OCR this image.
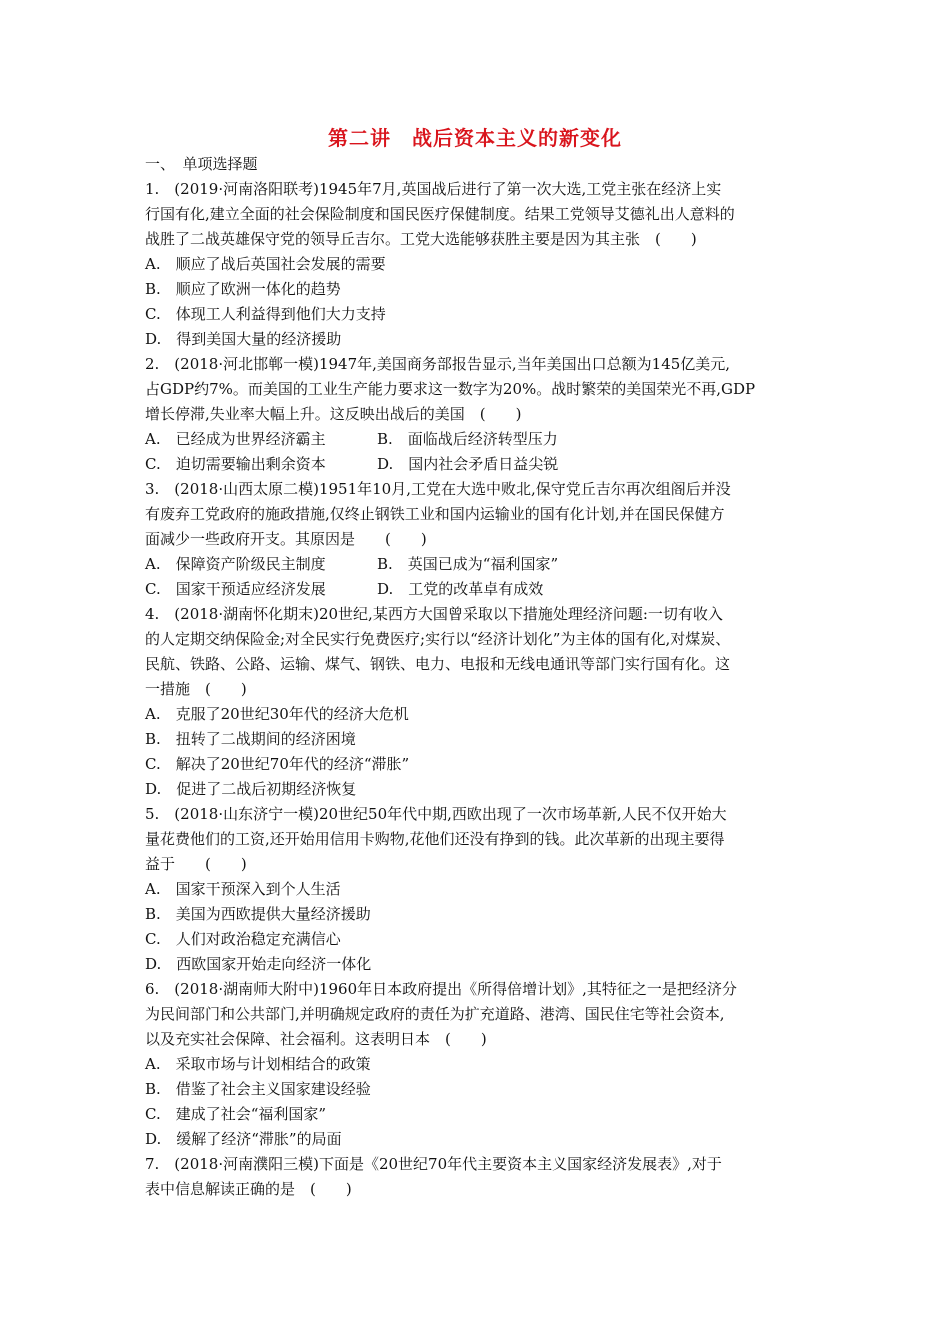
第二讲　战后资本主义的新变化
一、　单项选择题
1.　(2019·河南洛阳联考)1945年7月,英国战后进行了第一次大选,工党主张在经济上实
行国有化,建立全面的社会保险制度和国民医疗保健制度。结果工党领导艾德礼出人意料的
战胜了二战英雄保守党的领导丘吉尔。工党大选能够获胜主要是因为其主张　(　　)
A.　顺应了战后英国社会发展的需要
B.　顺应了欧洲一体化的趋势
C.　体现工人利益得到他们大力支持
D.　得到美国大量的经济援助
2.　(2018·河北邯郸一模)1947年,美国商务部报告显示,当年美国出口总额为145亿美元,
占GDP约7%。而美国的工业生产能力要求这一数字为20%。战时繁荣的美国荣光不再,GDP
增长停滞,失业率大幅上升。这反映出战后的美国　(　　)
A.　已经成为世界经济霸主	B.　面临战后经济转型压力
C.　迫切需要输出剩余资本	D.　国内社会矛盾日益尖锐
3.　(2018·山西太原二模)1951年10月,工党在大选中败北,保守党丘吉尔再次组阁后并没
有废弃工党政府的施政措施,仅终止钢铁工业和国内运输业的国有化计划,并在国民保健方
面减少一些政府开支。其原因是　　(　　)
A.　保障资产阶级民主制度	B.　英国已成为“福利国家”
C.　国家干预适应经济发展	D.　工党的改革卓有成效
4.　(2018·湖南怀化期末)20世纪,某西方大国曾采取以下措施处理经济问题:一切有收入
的人定期交纳保险金;对全民实行免费医疗;实行以“经济计划化”为主体的国有化,对煤炭、
民航、铁路、公路、运输、煤气、钢铁、电力、电报和无线电通讯等部门实行国有化。这
一措施　(　　)
A.　克服了20世纪30年代的经济大危机
B.　扭转了二战期间的经济困境
C.　解决了20世纪70年代的经济“滞胀”
D.　促进了二战后初期经济恢复
5.　(2018·山东济宁一模)20世纪50年代中期,西欧出现了一次市场革新,人民不仅开始大
量花费他们的工资,还开始用信用卡购物,花他们还没有挣到的钱。此次革新的出现主要得
益于　　(　　)
A.　国家干预深入到个人生活
B.　美国为西欧提供大量经济援助
C.　人们对政治稳定充满信心
D.　西欧国家开始走向经济一体化
6.　(2018·湖南师大附中)1960年日本政府提出《所得倍增计划》,其特征之一是把经济分
为民间部门和公共部门,并明确规定政府的责任为扩充道路、港湾、国民住宅等社会资本,
以及充实社会保障、社会福利。这表明日本　(　　)
A.　采取市场与计划相结合的政策
B.　借鉴了社会主义国家建设经验
C.　建成了社会“福利国家”
D.　缓解了经济“滞胀”的局面
7.　(2018·河南濮阳三模)下面是《20世纪70年代主要资本主义国家经济发展表》,对于
表中信息解读正确的是　(　　)
